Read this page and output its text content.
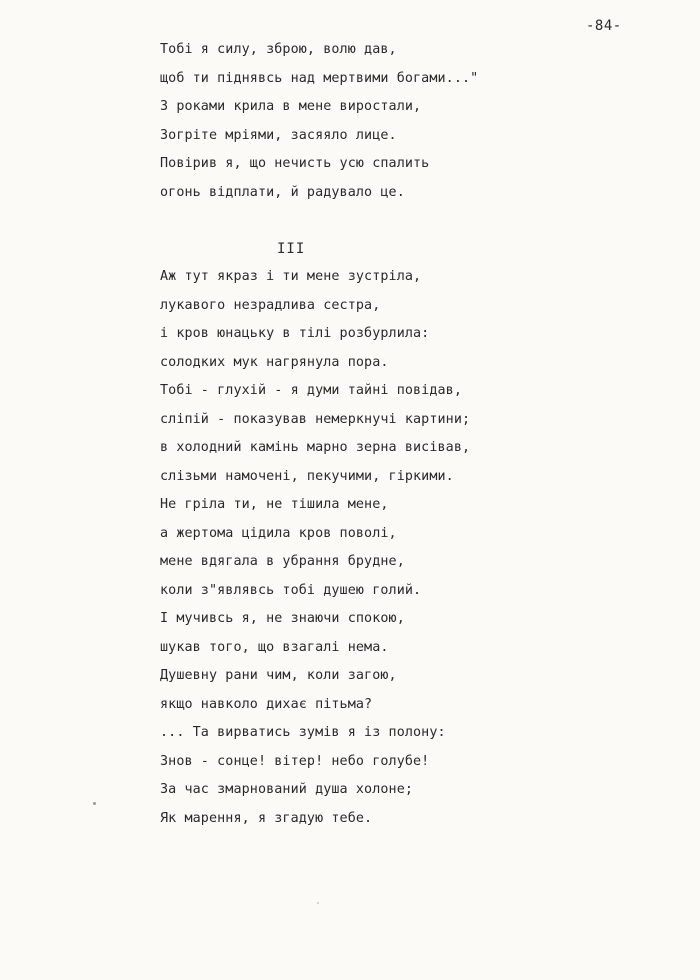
-84-
Тобі я силу, зброю, волю дав,
щоб ти піднявсь над мертвими богами..."
З роками крила в мене виростали,
Зогріте мріями, засяяло лице.
Повірив я, що нечисть усю спалить
огонь відплати, й радувало це.
III
Аж тут якраз і ти мене зустріла,
лукавого незрадлива сестра,
і кров юнацьку в тілі розбурлила:
солодких мук нагрянула пора.
Тобі - глухій - я думи тайні повідав,
сліпій - показував немеркнучі картини;
в холодний камінь марно зерна висівав,
слізьми намочені, пекучими, гіркими.
Не гріла ти, не тішила мене,
а жертома цідила кров поволі,
мене вдягала в убрання брудне,
коли з"являвсь тобі душею голий.
І мучивсь я, не знаючи спокою,
шукав того, що взагалі нема.
Душевну рани чим, коли загою,
якщо навколо дихає пітьма?
... Та вирватись зумів я із полону:
Знов - сонце! вітер! небо голубе!
За час змарнований душа холоне;
Як марення, я згадую тебе.
